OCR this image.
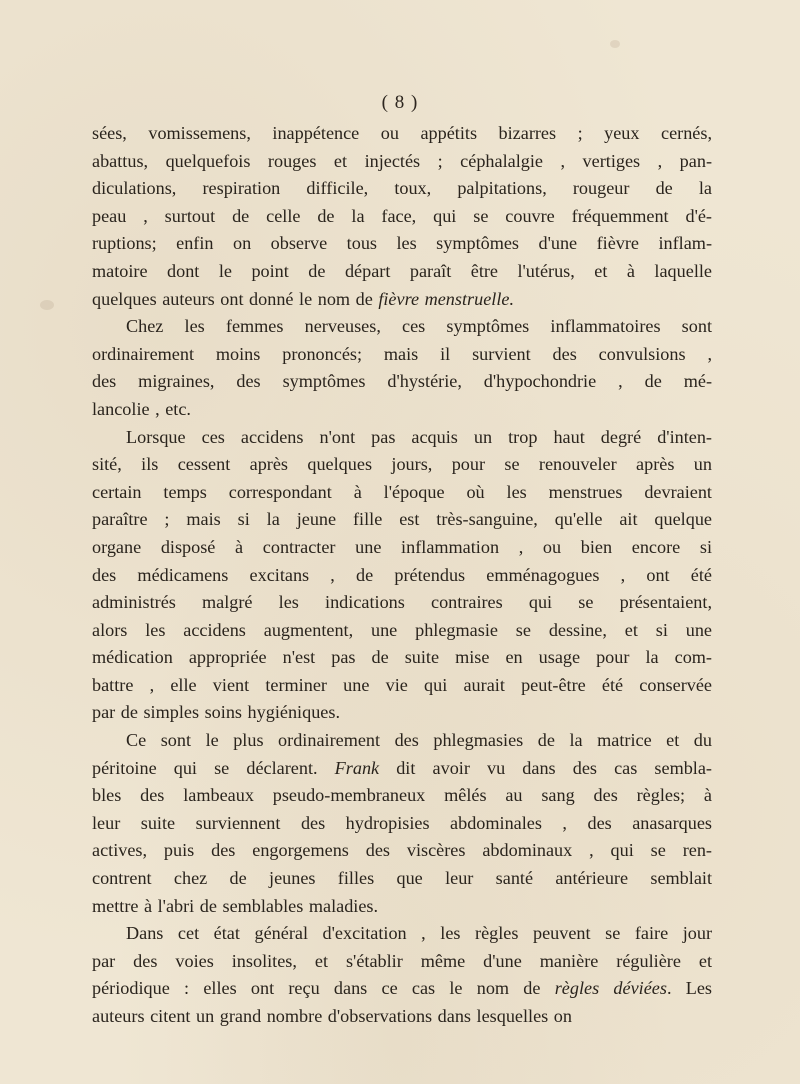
( 8 )
sées, vomissemens, inappétence ou appétits bizarres ; yeux cernés,
abattus, quelquefois rouges et injectés ; céphalalgie , vertiges , pan-
diculations, respiration difficile, toux, palpitations, rougeur de la
peau , surtout de celle de la face, qui se couvre fréquemment d'é-
ruptions; enfin on observe tous les symptômes d'une fièvre inflam-
matoire dont le point de départ paraît être l'utérus, et à laquelle
quelques auteurs ont donné le nom de fièvre menstruelle.
Chez les femmes nerveuses, ces symptômes inflammatoires sont
ordinairement moins prononcés; mais il survient des convulsions ,
des migraines, des symptômes d'hystérie, d'hypochondrie , de mé-
lancolie , etc.
Lorsque ces accidens n'ont pas acquis un trop haut degré d'inten-
sité, ils cessent après quelques jours, pour se renouveler après un
certain temps correspondant à l'époque où les menstrues devraient
paraître ; mais si la jeune fille est très-sanguine, qu'elle ait quelque
organe disposé à contracter une inflammation , ou bien encore si
des médicamens excitans , de prétendus emménagogues , ont été
administrés malgré les indications contraires qui se présentaient,
alors les accidens augmentent, une phlegmasie se dessine, et si une
médication appropriée n'est pas de suite mise en usage pour la com-
battre , elle vient terminer une vie qui aurait peut-être été conservée
par de simples soins hygiéniques.
Ce sont le plus ordinairement des phlegmasies de la matrice et du
péritoine qui se déclarent. Frank dit avoir vu dans des cas sembla-
bles des lambeaux pseudo-membraneux mêlés au sang des règles; à
leur suite surviennent des hydropisies abdominales , des anasarques
actives, puis des engorgemens des viscères abdominaux , qui se ren-
contrent chez de jeunes filles que leur santé antérieure semblait
mettre à l'abri de semblables maladies.
Dans cet état général d'excitation , les règles peuvent se faire jour
par des voies insolites, et s'établir même d'une manière régulière et
périodique : elles ont reçu dans ce cas le nom de règles déviées. Les
auteurs citent un grand nombre d'observations dans lesquelles on
